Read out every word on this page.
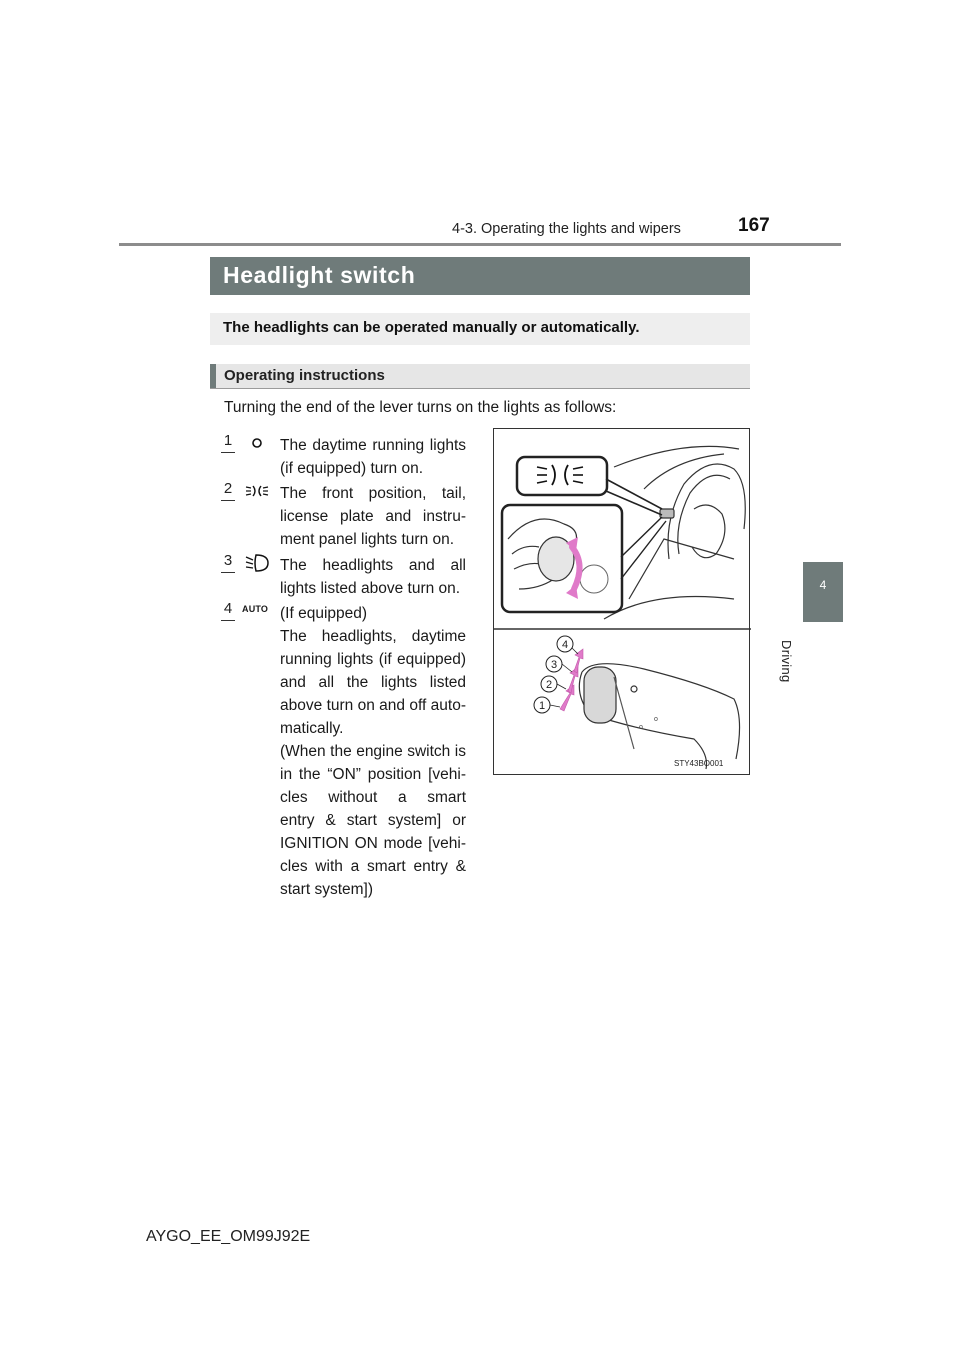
4-3. Operating the lights and wipers	167
4
Driving
Headlight switch
The headlights can be operated manually or automatically.
Operating instructions
Turning the end of the lever turns on the lights as follows:
1	The daytime running lights
(if equipped) turn on.
2	The front position, tail,
license plate and instru-
ment panel lights turn on.
3	The headlights and all
lights listed above turn on.
4	AUTO (If equipped)
The headlights, daytime
running lights (if equipped)
and all the lights listed
above turn on and off auto-
matically.
(When the engine switch is
in the “ON” position [vehi-
cles without a smart
entry & start system] or
IGNITION ON mode [vehi-
cles with a smart entry &
start system])
o
o
1
2
3
4
STY43BO001
AYGO_EE_OM99J92E
